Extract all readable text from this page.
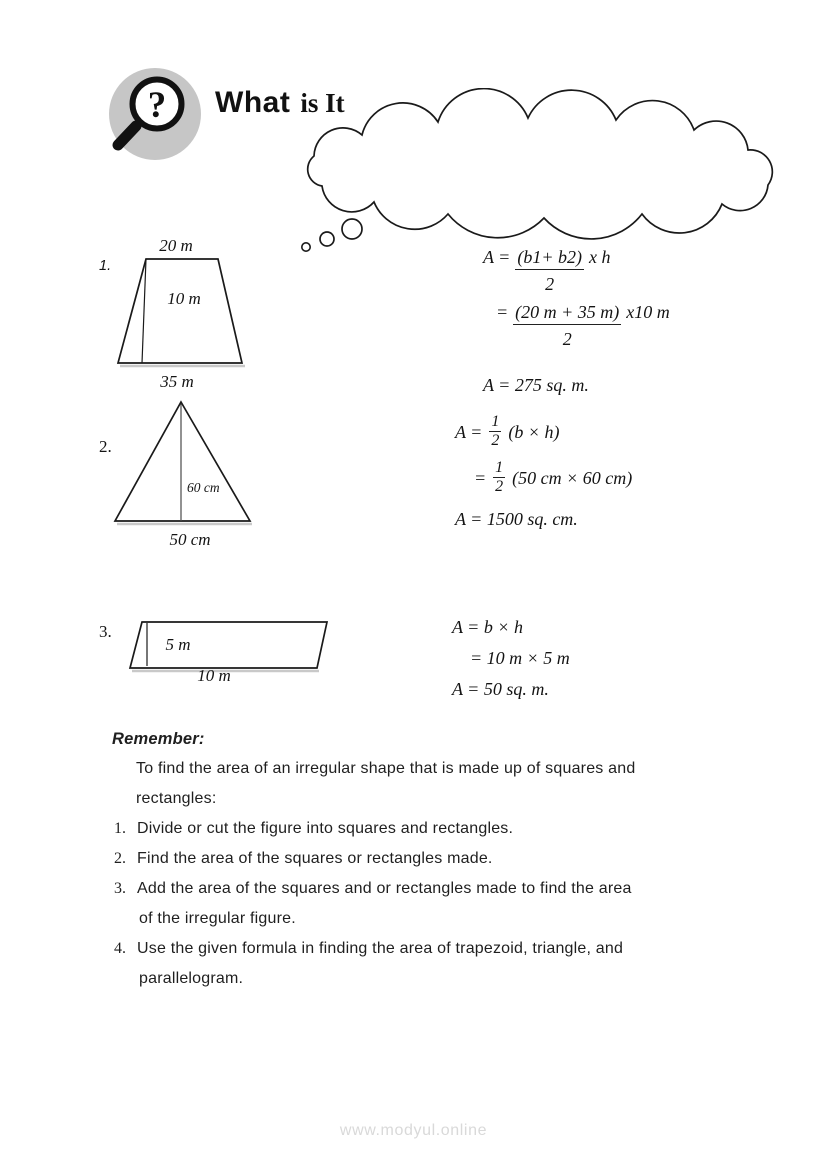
? What is It
1.
20 m
10 m
35 m
$A = \frac{(b1+ b2)}{2}$ x h
= $\frac{(20 m + 35 m)}{2} x10$ m
A = 275 sq. m.
2.
60 cm
50 cm
$A = \frac{1}{2} (b \times h)$
= $\frac{1}{2} (50$ cm × 60 cm)
A = 1500 sq. cm.
3.
5 m
10 m
A = b × h
= 10 m × 5 m
A = 50 sq. m.
Remember:
To find the area of an irregular shape that is made up of squares and
rectangles:
1. Divide or cut the figure into squares and rectangles.
2. Find the area of the squares or rectangles made.
3. Add the area of the squares and or rectangles made to find the area
of the irregular figure.
4. Use the given formula in finding the area of trapezoid, triangle, and
parallelogram.
www.modyul.online
